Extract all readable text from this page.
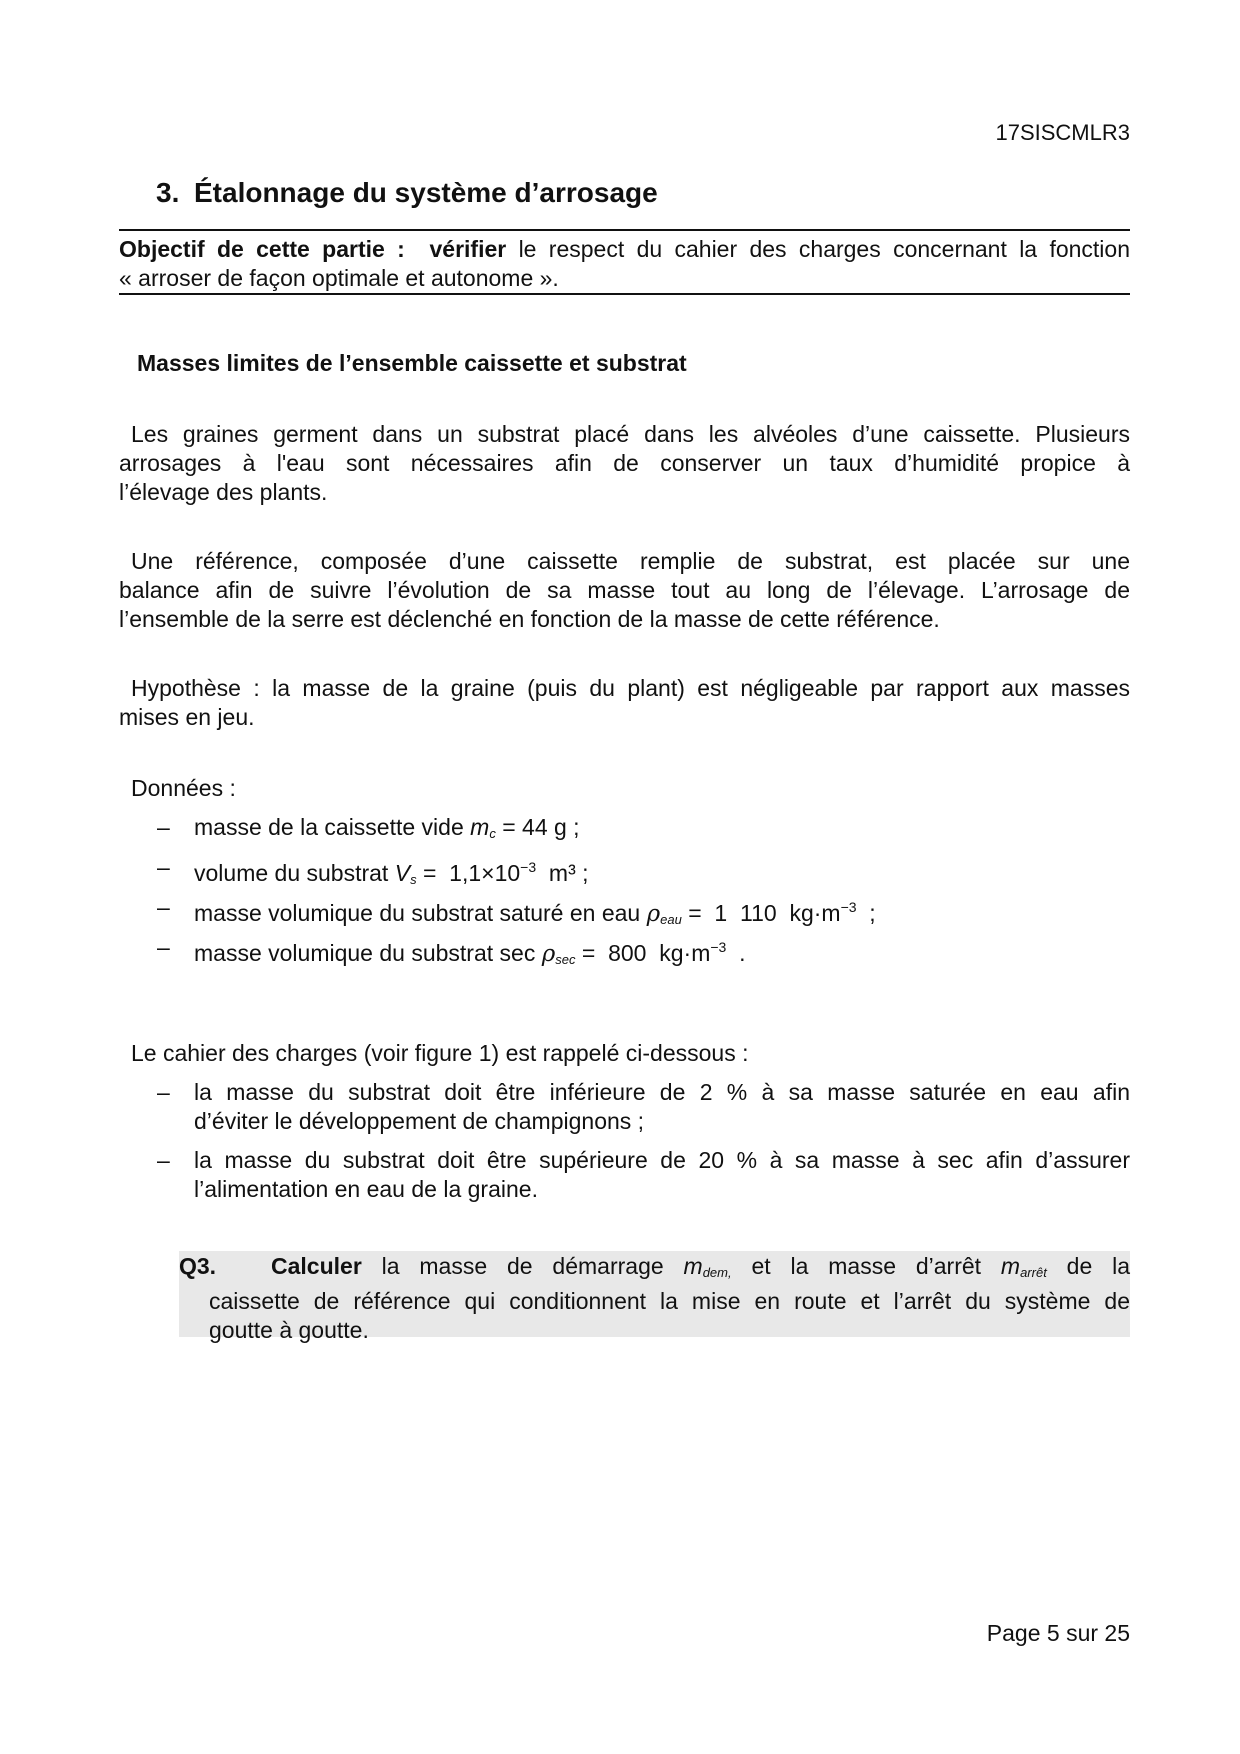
17SISCMLR3
3. Étalonnage du système d’arrosage

Objectif de cette partie : vérifier le respect du cahier des charges concernant la fonction

« arroser de façon optimale et autonome ».

Masses limites de l’ensemble caissette et substrat
Les graines germent dans un substrat placé dans les alvéoles d’une caissette. Plusieurs
arrosages à l'eau sont nécessaires afin de conserver un taux d’humidité propice à
l’élevage des plants.
Une référence, composée d’une caissette remplie de substrat, est placée sur une
balance afin de suivre l’évolution de sa masse tout au long de l’élevage. L’arrosage de
l’ensemble de la serre est déclenché en fonction de la masse de cette référence.
Hypothèse : la masse de la graine (puis du plant) est négligeable par rapport aux masses
mises en jeu.
Données :
– masse de la caissette vide $m_c = 44$ g ;
– volume du substrat $V_s = 1,1\times 10^{-3}$  m³ ;
– masse volumique du substrat saturé en eau $\rho_{eau} = 1$  110  $kg\cdot m^{-3}$  ;
– masse volumique du substrat $\sec \rho_{sec} = 800$  $kg\cdot m^{-3}$  .
Le cahier des charges (voir figure 1) est rappelé ci-dessous :
– la masse du substrat doit être inférieure de 2 % à sa masse saturée en eau afin
d’éviter le développement de champignons ;
– la masse du substrat doit être supérieure de 20 % à sa masse à sec afin d’assurer
l’alimentation en eau de la graine.

Q3. Calculer la masse de démarrage $m_{dem,}$ et la masse d’arrêt $m_{arrêt}$ de la

caissette de référence qui conditionnent la mise en route et l’arrêt du système de

goutte à goutte.

Page 5 sur 25
